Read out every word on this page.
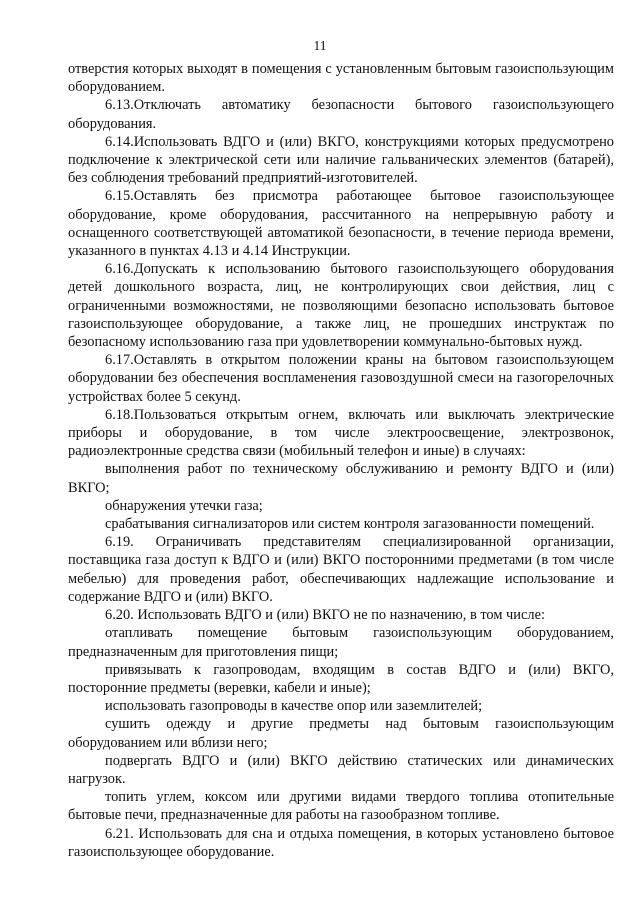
11

отверстия которых выходят в помещения с установленным бытовым газоиспользующим оборудованием.

6.13.Отключать автоматику безопасности бытового газоиспользующего оборудования.

6.14.Использовать ВДГО и (или) ВКГО, конструкциями которых предусмотрено подключение к электрической сети или наличие гальванических элементов (батарей), без соблюдения требований предприятий-изготовителей.

6.15.Оставлять без присмотра работающее бытовое газоиспользующее оборудование, кроме оборудования, рассчитанного на непрерывную работу и оснащенного соответствующей автоматикой безопасности, в течение периода времени, указанного в пунктах 4.13 и 4.14 Инструкции.

6.16.Допускать к использованию бытового газоиспользующего оборудования детей дошкольного возраста, лиц, не контролирующих свои действия, лиц с ограниченными возможностями, не позволяющими безопасно использовать бытовое газоиспользующее оборудование, а также лиц, не прошедших инструктаж по безопасному использованию газа при удовлетворении коммунально-бытовых нужд.

6.17.Оставлять в открытом положении краны на бытовом газоиспользующем оборудовании без обеспечения воспламенения газовоздушной смеси на газогорелочных устройствах более 5 секунд.

6.18.Пользоваться открытым огнем, включать или выключать электрические приборы и оборудование, в том числе электроосвещение, электрозвонок, радиоэлектронные средства связи (мобильный телефон и иные) в случаях:

выполнения работ по техническому обслуживанию и ремонту ВДГО и (или) ВКГО;

обнаружения утечки газа;

срабатывания сигнализаторов или систем контроля загазованности помещений.

6.19. Ограничивать представителям специализированной организации, поставщика газа доступ к ВДГО и (или) ВКГО посторонними предметами (в том числе мебелью) для проведения работ, обеспечивающих надлежащие использование и содержание ВДГО и (или) ВКГО.

6.20. Использовать ВДГО и (или) ВКГО не по назначению, в том числе:

отапливать помещение бытовым газоиспользующим оборудованием, предназначенным для приготовления пищи;

привязывать к газопроводам, входящим в состав ВДГО и (или) ВКГО, посторонние предметы (веревки, кабели и иные);

использовать газопроводы в качестве опор или заземлителей;

сушить одежду и другие предметы над бытовым газоиспользующим оборудованием или вблизи него;

подвергать ВДГО и (или) ВКГО действию статических или динамических нагрузок.

топить углем, коксом или другими видами твердого топлива отопительные бытовые печи, предназначенные для работы на газообразном топливе.

6.21. Использовать для сна и отдыха помещения, в которых установлено бытовое газоиспользующее оборудование.
